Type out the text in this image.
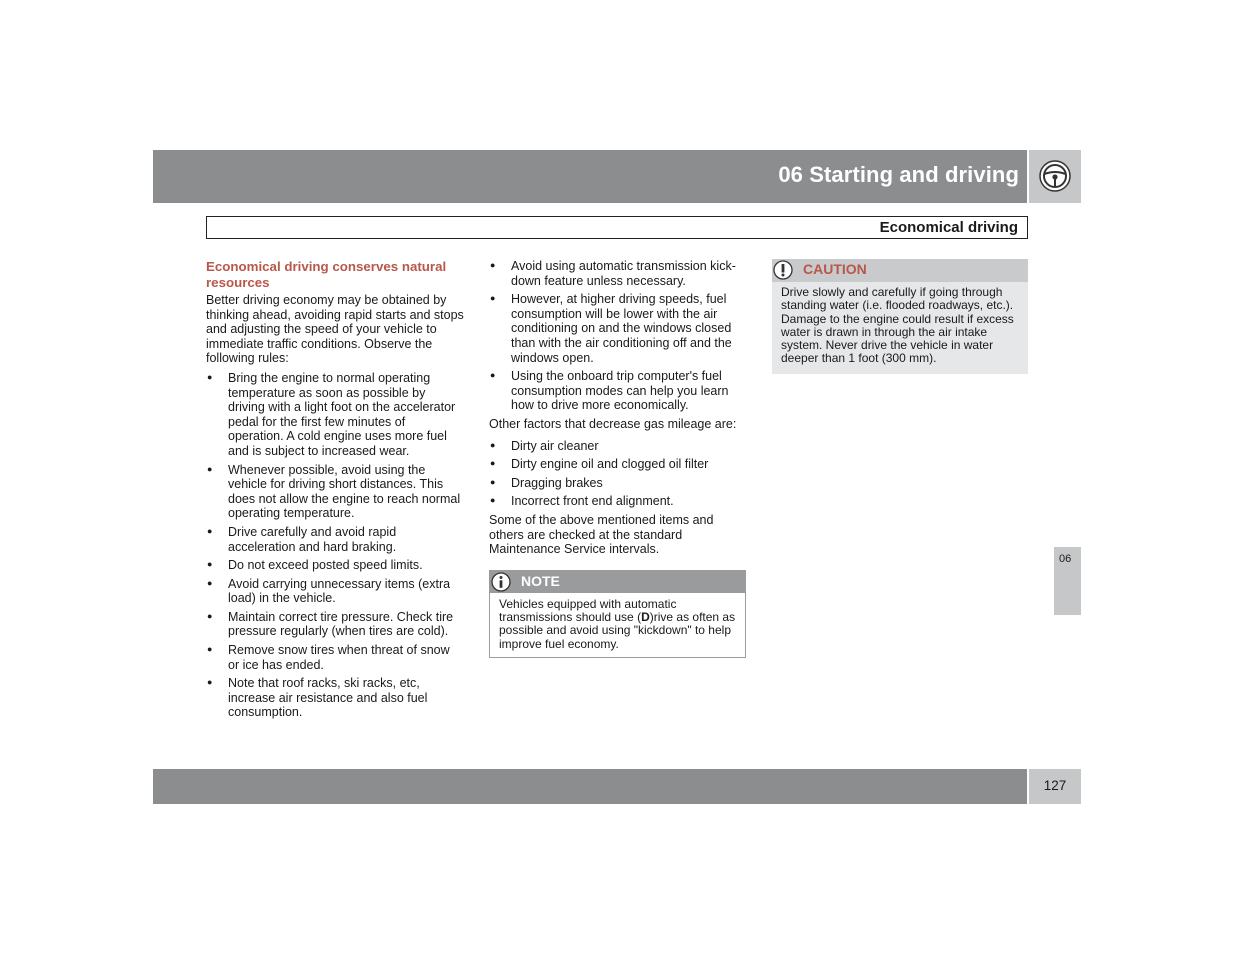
06 Starting and driving
Economical driving
Economical driving conserves natural resources

Better driving economy may be obtained by thinking ahead, avoiding rapid starts and stops and adjusting the speed of your vehicle to immediate traffic conditions. Observe the following rules:

● Bring the engine to normal operating temperature as soon as possible by driving with a light foot on the accelerator pedal for the first few minutes of operation. A cold engine uses more fuel and is subject to increased wear.
● Whenever possible, avoid using the vehicle for driving short distances. This does not allow the engine to reach normal operating temperature.
● Drive carefully and avoid rapid acceleration and hard braking.
● Do not exceed posted speed limits.
● Avoid carrying unnecessary items (extra load) in the vehicle.
● Maintain correct tire pressure. Check tire pressure regularly (when tires are cold).
● Remove snow tires when threat of snow or ice has ended.
● Note that roof racks, ski racks, etc, increase air resistance and also fuel consumption.
● Avoid using automatic transmission kick-down feature unless necessary.
● However, at higher driving speeds, fuel consumption will be lower with the air conditioning on and the windows closed than with the air conditioning off and the windows open.
● Using the onboard trip computer's fuel consumption modes can help you learn how to drive more economically.

Other factors that decrease gas mileage are:

● Dirty air cleaner
● Dirty engine oil and clogged oil filter
● Dragging brakes
● Incorrect front end alignment.

Some of the above mentioned items and others are checked at the standard Maintenance Service intervals.

NOTE
Vehicles equipped with automatic transmissions should use (D)rive as often as possible and avoid using "kickdown" to help improve fuel economy.
CAUTION
Drive slowly and carefully if going through standing water (i.e. flooded roadways, etc.). Damage to the engine could result if excess water is drawn in through the air intake system. Never drive the vehicle in water deeper than 1 foot (300 mm).
06
127
